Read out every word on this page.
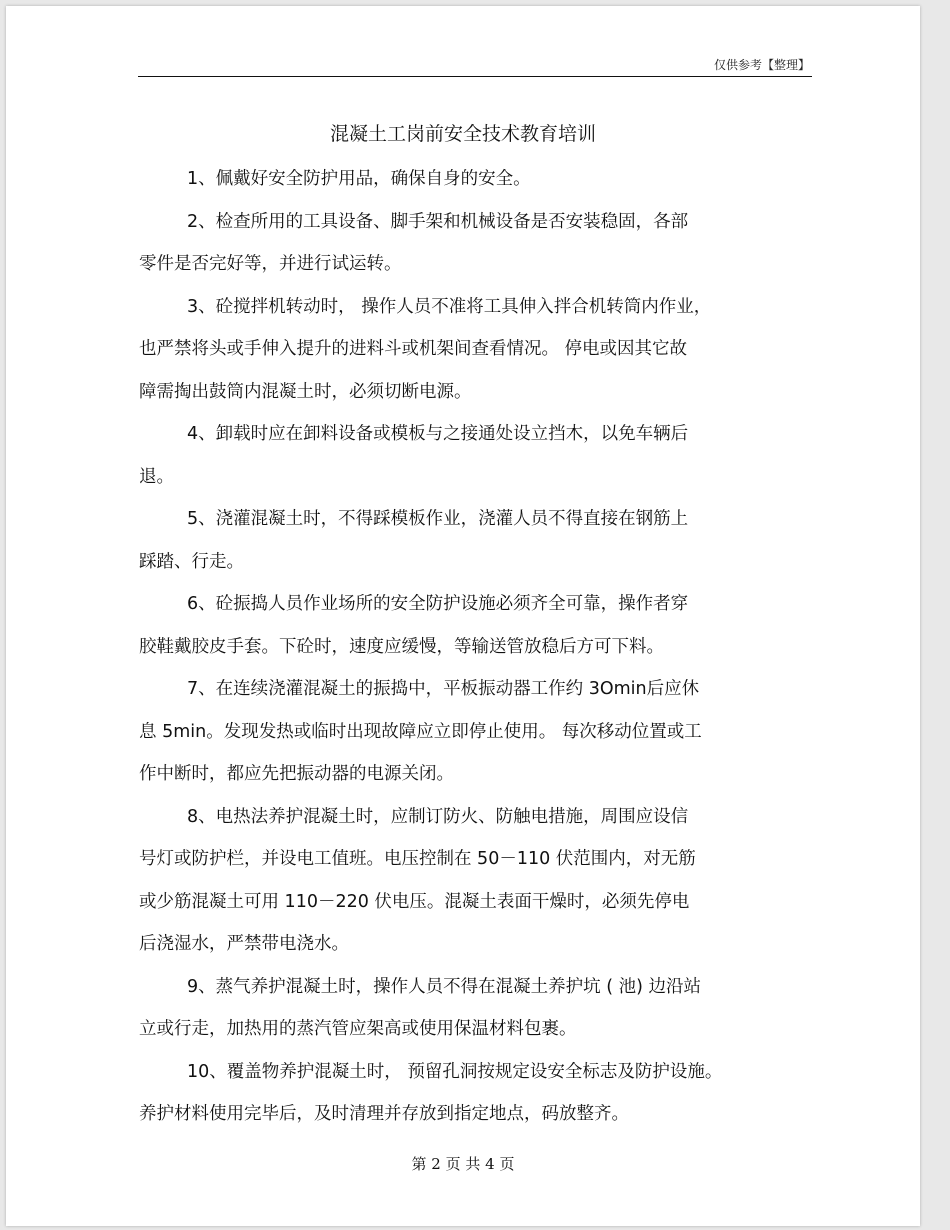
仅供参考【整理】
混凝土工岗前安全技术教育培训
1、佩戴好安全防护用品，确保自身的安全。
2、检查所用的工具设备、脚手架和机械设备是否安装稳固，各部
零件是否完好等，并进行试运转。
3、砼搅拌机转动时， 操作人员不准将工具伸入拌合机转筒内作业，
也严禁将头或手伸入提升的进料斗或机架间查看情况。 停电或因其它故
障需掏出鼓筒内混凝土时，必须切断电源。
4、卸载时应在卸料设备或模板与之接通处设立挡木，以免车辆后
退。
5、浇灌混凝土时，不得踩模板作业，浇灌人员不得直接在钢筋上
踩踏、行走。
6、砼振捣人员作业场所的安全防护设施必须齐全可靠，操作者穿
胶鞋戴胶皮手套。下砼时，速度应缓慢，等输送管放稳后方可下料。
7、在连续浇灌混凝土的振捣中，平板振动器工作约 3Omin后应休
息 5min。发现发热或临时出现故障应立即停止使用。 每次移动位置或工
作中断时，都应先把振动器的电源关闭。
8、电热法养护混凝土时，应制订防火、防触电措施，周围应设信
号灯或防护栏，并设电工值班。电压控制在 50－110 伏范围内，对无筋
或少筋混凝土可用 110－220 伏电压。混凝土表面干燥时，必须先停电
后浇湿水，严禁带电浇水。
9、蒸气养护混凝土时，操作人员不得在混凝土养护坑 ( 池) 边沿站
立或行走，加热用的蒸汽管应架高或使用保温材料包裹。
10、覆盖物养护混凝土时， 预留孔洞按规定设安全标志及防护设施。
养护材料使用完毕后，及时清理并存放到指定地点，码放整齐。
第 2 页 共 4 页
